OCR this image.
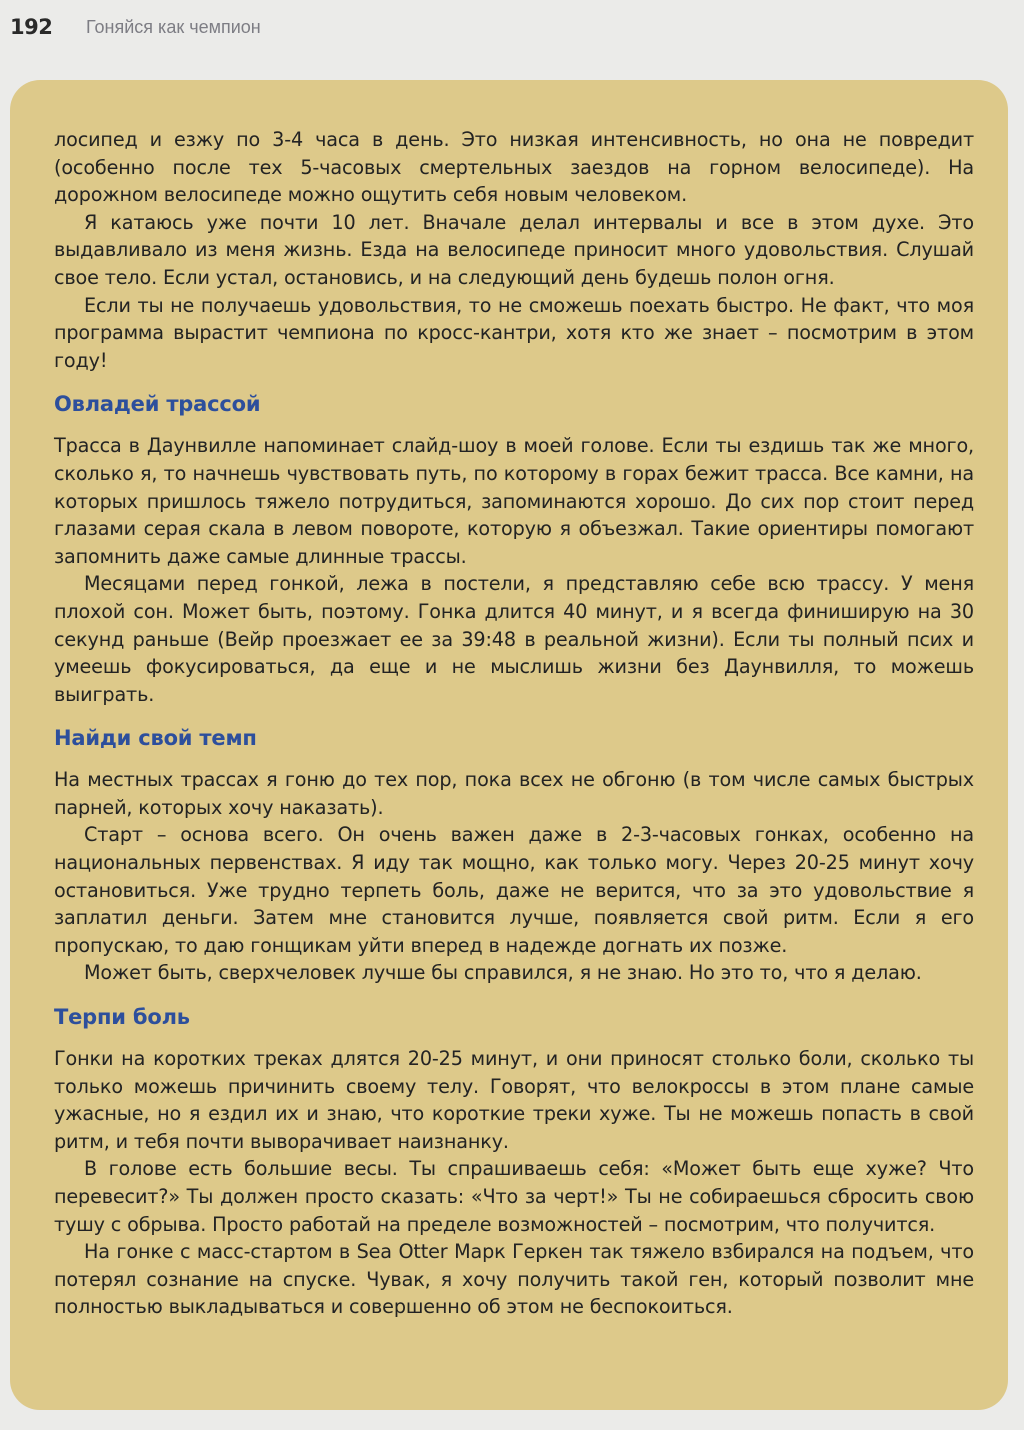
192 Гоняйся как чемпион

лосипед и езжу по 3-4 часа в день. Это низкая интенсивность, но она не повредит (особенно после тех 5-часовых смертельных заездов на горном велосипеде). На дорожном велосипеде можно ощутить себя новым человеком.

Я катаюсь уже почти 10 лет. Вначале делал интервалы и все в этом духе. Это выдавливало из меня жизнь. Езда на велосипеде приносит много удовольствия. Слушай свое тело. Если устал, остановись, и на следующий день будешь полон огня.

Если ты не получаешь удовольствия, то не сможешь поехать быстро. Не факт, что моя программа вырастит чемпиона по кросс-кантри, хотя кто же знает – посмотрим в этом году!

Овладей трассой

Трасса в Даунвилле напоминает слайд-шоу в моей голове. Если ты ездишь так же много, сколько я, то начнешь чувствовать путь, по которому в горах бежит трасса. Все камни, на которых пришлось тяжело потрудиться, запоминаются хорошо. До сих пор стоит перед глазами серая скала в левом повороте, которую я объезжал. Такие ориентиры помогают запомнить даже самые длинные трассы.

Месяцами перед гонкой, лежа в постели, я представляю себе всю трассу. У меня плохой сон. Может быть, поэтому. Гонка длится 40 минут, и я всегда финиширую на 30 секунд раньше (Вейр проезжает ее за 39:48 в реальной жизни). Если ты полный псих и умеешь фокусироваться, да еще и не мыслишь жизни без Даунвилля, то можешь выиграть.

Найди свой темп

На местных трассах я гоню до тех пор, пока всех не обгоню (в том числе самых быстрых парней, которых хочу наказать).

Старт – основа всего. Он очень важен даже в 2-3-часовых гонках, особенно на национальных первенствах. Я иду так мощно, как только могу. Через 20-25 минут хочу остановиться. Уже трудно терпеть боль, даже не верится, что за это удовольствие я заплатил деньги. Затем мне становится лучше, появляется свой ритм. Если я его пропускаю, то даю гонщикам уйти вперед в надежде догнать их позже.

Может быть, сверхчеловек лучше бы справился, я не знаю. Но это то, что я делаю.

Терпи боль

Гонки на коротких треках длятся 20-25 минут, и они приносят столько боли, сколько ты только можешь причинить своему телу. Говорят, что велокроссы в этом плане самые ужасные, но я ездил их и знаю, что короткие треки хуже. Ты не можешь попасть в свой ритм, и тебя почти выворачивает наизнанку.

В голове есть большие весы. Ты спрашиваешь себя: «Может быть еще хуже? Что перевесит?» Ты должен просто сказать: «Что за черт!» Ты не собираешься сбросить свою тушу с обрыва. Просто работай на пределе возможностей – посмотрим, что получится.

На гонке с масс-стартом в Sea Otter Марк Геркен так тяжело взбирался на подъем, что потерял сознание на спуске. Чувак, я хочу получить такой ген, который позволит мне полностью выкладываться и совершенно об этом не беспокоиться.
